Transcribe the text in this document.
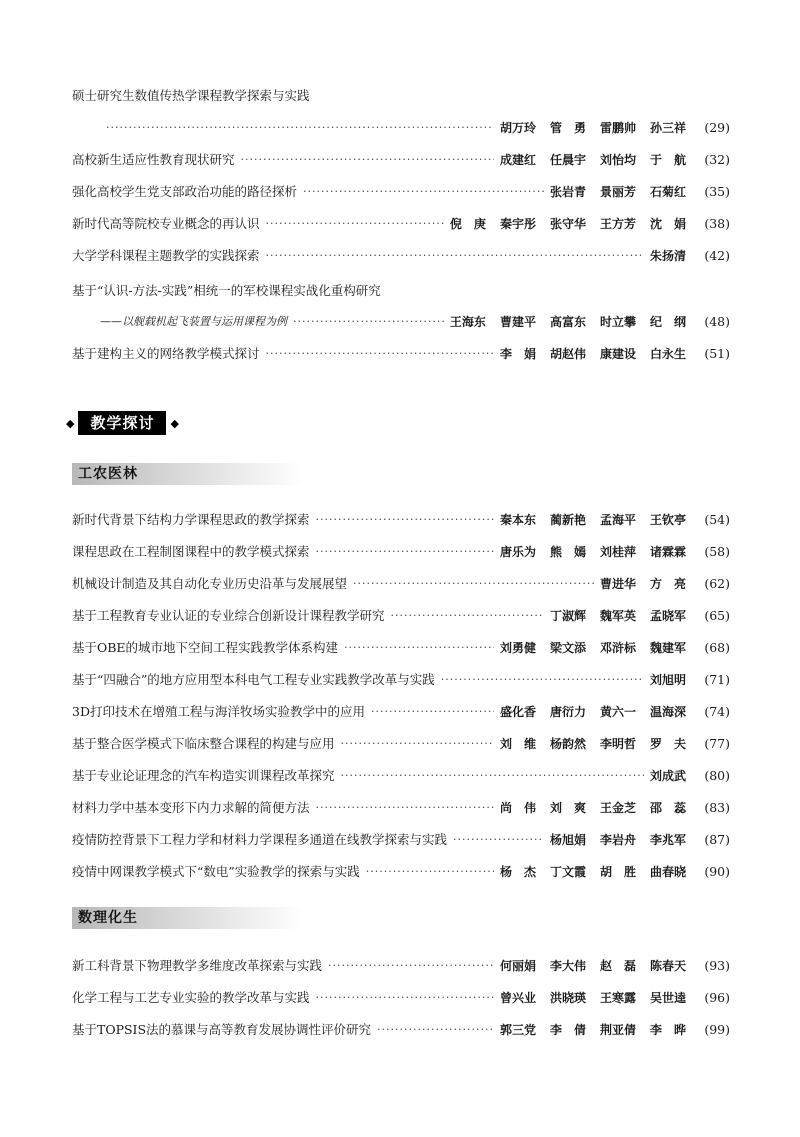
硕士研究生数值传热学课程教学探索与实践
·····
胡万玲 管　勇 雷鹏帅 孙三祥	(29)
高校新生适应性教育现状研究 ·····	成建红 任晨宇 刘怡均 于　航	(32)
强化高校学生党支部政治功能的路径探析 ·····	张岩青 景丽芳 石菊红	(35)
新时代高等院校专业概念的再认识 ·····	倪　庚 秦宇彤 张守华 王方芳 沈　娟	(38)
大学学科课程主题教学的实践探索 ·····	朱扬清	(42)
基于“认识-方法-实践”相统一的军校课程实战化重构研究
——以舰载机起飞装置与运用课程为例 ·····	王海东 曹建平 高富东 时立攀 纪　纲	(48)
基于建构主义的网络教学模式探讨 ·····	李　娟 胡赵伟 康建设 白永生	(51)
◆	教学探讨	◆
工农医林
新时代背景下结构力学课程思政的教学探索 ·····	秦本东 蔺新艳 孟海平 王钦亭	(54)
课程思政在工程制图课程中的教学模式探索 ·····	唐乐为 熊　嫣 刘桂萍 诸霖霖	(58)
机械设计制造及其自动化专业历史沿革与发展展望 ·····	曹进华 方　亮	(62)
基于工程教育专业认证的专业综合创新设计课程教学研究 ·····	丁淑辉 魏军英 孟晓军	(65)
基于OBE的城市地下空间工程实践教学体系构建 ·····	刘勇健 梁文添 邓浒标 魏建军	(68)
基于“四融合”的地方应用型本科电气工程专业实践教学改革与实践 ·····	刘旭明	(71)
3D打印技术在增殖工程与海洋牧场实验教学中的应用 ·····	盛化香 唐衍力 黄六一 温海深	(74)
基于整合医学模式下临床整合课程的构建与应用 ·····	刘　维 杨韵然 李明哲 罗　夫	(77)
基于专业论证理念的汽车构造实训课程改革探究 ·····	刘成武	(80)
材料力学中基本变形下内力求解的简便方法 ·····	尚　伟 刘　爽 王金芝 邵　蕊	(83)
疫情防控背景下工程力学和材料力学课程多通道在线教学探索与实践 ·····	杨旭娟 李岩舟 李兆军	(87)
疫情中网课教学模式下“数电”实验教学的探索与实践 ·····	杨　杰 丁文霞 胡　胜 曲春晓	(90)
数理化生
新工科背景下物理教学多维度改革探索与实践 ·····	何丽娟 李大伟 赵　磊 陈春天	(93)
化学工程与工艺专业实验的教学改革与实践 ·····	曾兴业 洪晓瑛 王寒露 吴世逵	(96)
基于TOPSIS法的慕课与高等教育发展协调性评价研究 ·····	郭三党 李　倩 荆亚倩 李　晔	(99)
